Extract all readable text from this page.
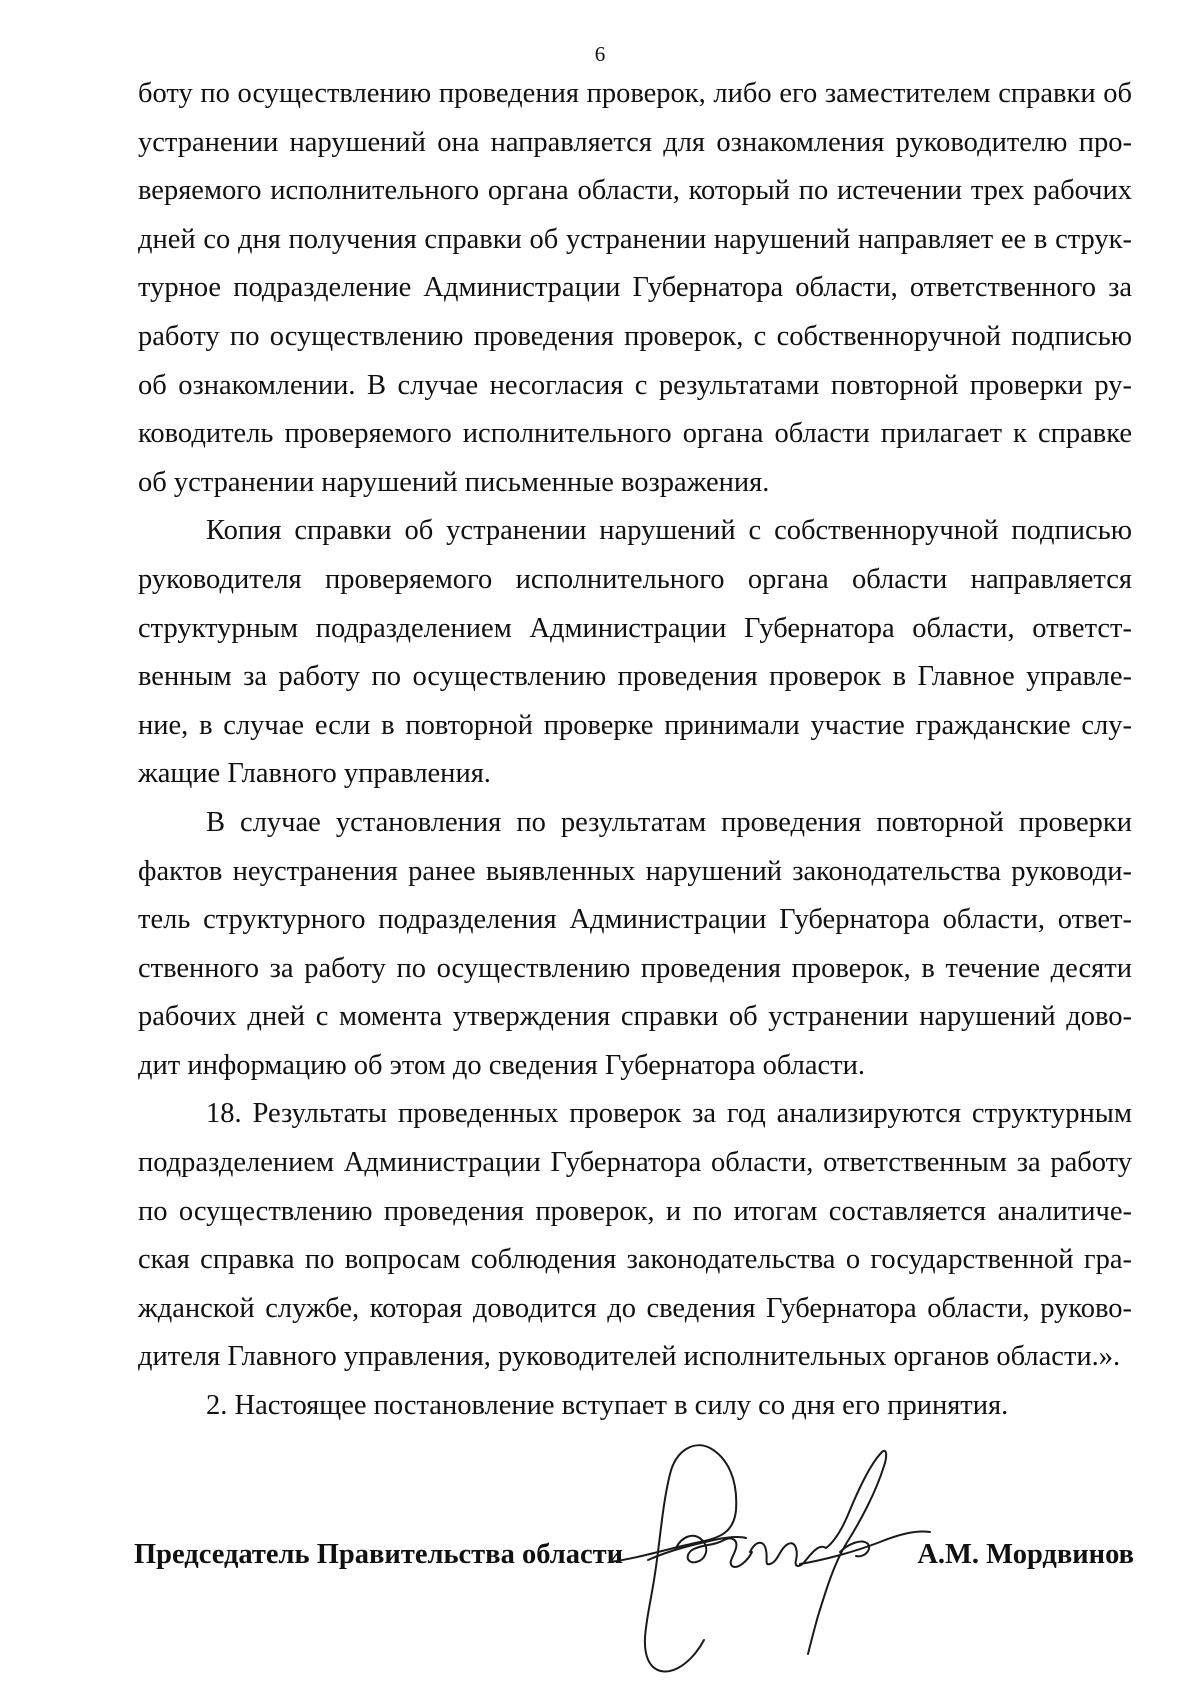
6

боту по осуществлению проведения проверок, либо его заместителем справки об устранении нарушений она направляется для ознакомления руководителю проверяемого исполнительного органа области, который по истечении трех рабочих дней со дня получения справки об устранении нарушений направляет ее в структурное подразделение Администрации Губернатора области, ответственного за работу по осуществлению проведения проверок, с собственноручной подписью об ознакомлении. В случае несогласия с результатами повторной проверки руководитель проверяемого исполнительного органа области прилагает к справке об устранении нарушений письменные возражения.

Копия справки об устранении нарушений с собственноручной подписью руководителя проверяемого исполнительного органа области направляется структурным подразделением Администрации Губернатора области, ответственным за работу по осуществлению проведения проверок в Главное управление, в случае если в повторной проверке принимали участие гражданские служащие Главного управления.

В случае установления по результатам проведения повторной проверки фактов неустранения ранее выявленных нарушений законодательства руководитель структурного подразделения Администрации Губернатора области, ответственного за работу по осуществлению проведения проверок, в течение десяти рабочих дней с момента утверждения справки об устранении нарушений доводит информацию об этом до сведения Губернатора области.

18. Результаты проведенных проверок за год анализируются структурным подразделением Администрации Губернатора области, ответственным за работу по осуществлению проведения проверок, и по итогам составляется аналитическая справка по вопросам соблюдения законодательства о государственной гражданской службе, которая доводится до сведения Губернатора области, руководителя Главного управления, руководителей исполнительных органов области.».

2. Настоящее постановление вступает в силу со дня его принятия.

Председатель Правительства области	А.М. Мордвинов
